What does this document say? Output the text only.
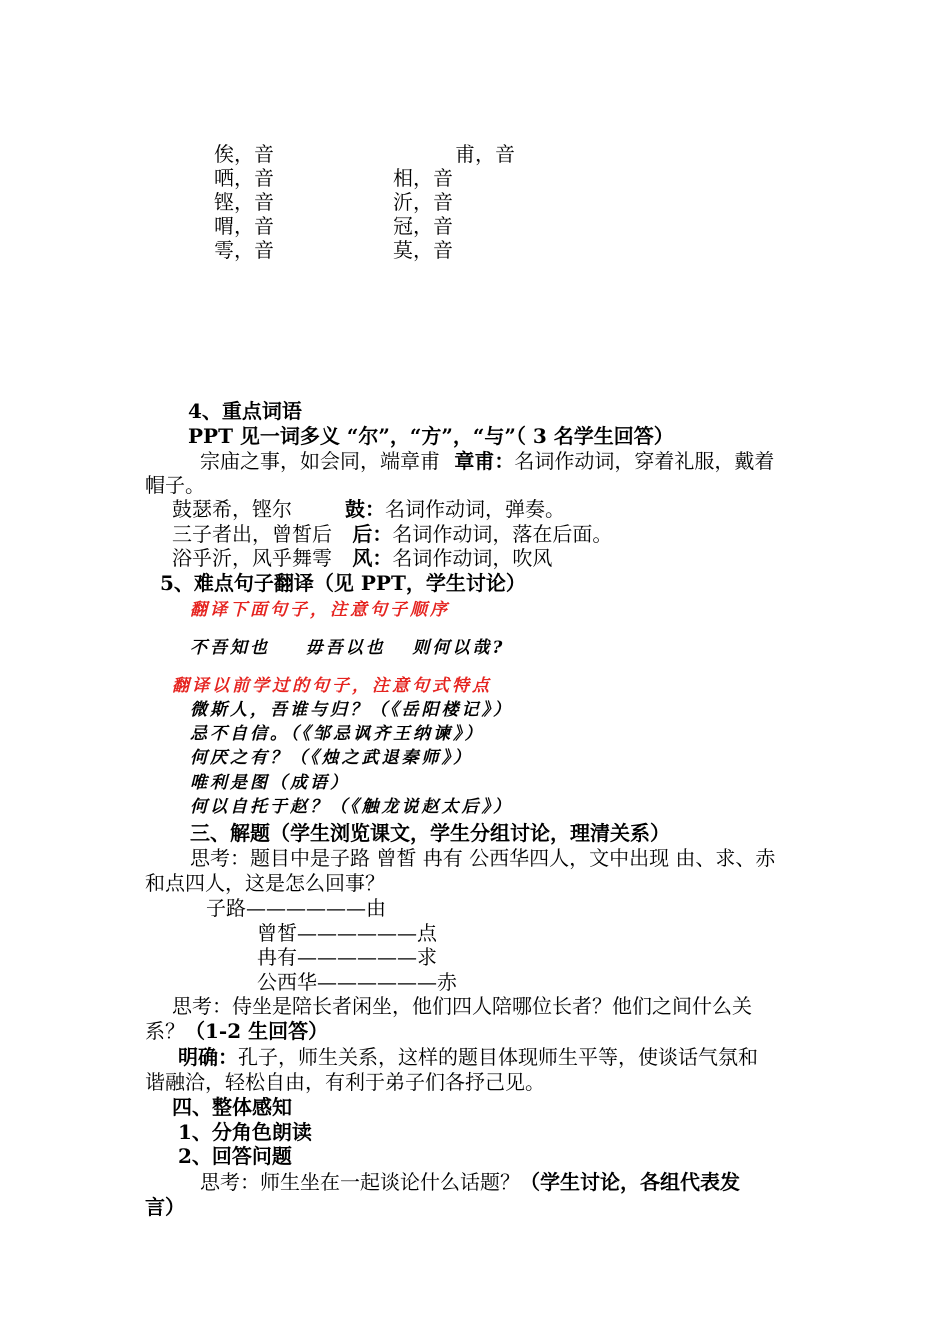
俟，音	甫，音
哂，音	相，音
铿，音	沂，音
喟，音	冠，音
雩，音	莫，音
4、重点词语
PPT 见一词多义 “尔”，“方”，“与”（ 3 名学生回答）
宗庙之事，如会同，端章甫 章甫：名词作动词，穿着礼服，戴着
帽子。
鼓瑟希，铿尔	鼓：名词作动词，弹奏。
三子者出，曾皙后 后：名词作动词，落在后面。
浴乎沂，风乎舞雩 风：名词作动词，吹风
5、难点句子翻译（见 PPT，学生讨论）
翻译下面句子，注意句子顺序
不吾知也    毋吾以也   则何以哉?
翻译以前学过的句子，注意句式特点
微斯人，吾谁与归？（《岳阳楼记》）
忌不自信。（《邹忌讽齐王纳谏》）
何厌之有？（《烛之武退秦师》）
唯利是图（成语）
何以自托于赵？（《触龙说赵太后》）
三、解题（学生浏览课文，学生分组讨论，理清关系）
思考：题目中是子路 曾皙 冉有 公西华四人，文中出现 由、求、赤
和点四人，这是怎么回事？
子路——————由
曾皙——————点
冉有——————求
公西华——————赤
思考：侍坐是陪长者闲坐，他们四人陪哪位长者？他们之间什么关
系？（1-2 生回答）
明确：孔子，师生关系，这样的题目体现师生平等，使谈话气氛和
谐融洽，轻松自由，有利于弟子们各抒己见。
四、整体感知
1、分角色朗读
2、回答问题
思考：师生坐在一起谈论什么话题？（学生讨论，各组代表发
言）
